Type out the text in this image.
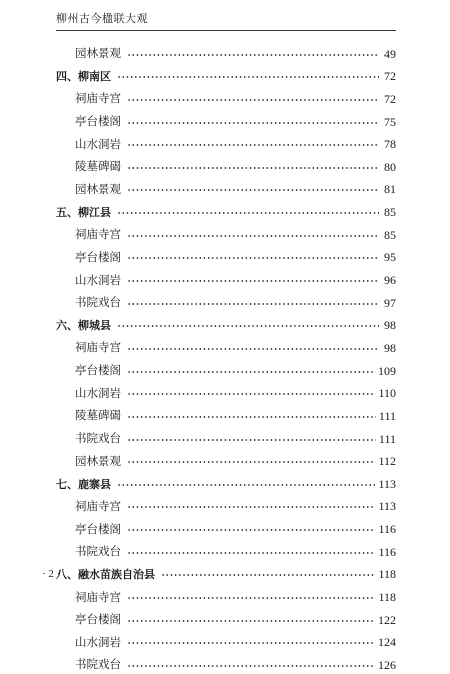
柳州古今楹联大观
园林景观	49
四、柳南区	72
祠庙寺宫	72
亭台楼阁	75
山水洞岩	78
陵墓碑碣	80
园林景观	81
五、柳江县	85
祠庙寺宫	85
亭台楼阁	95
山水洞岩	96
书院戏台	97
六、柳城县	98
祠庙寺宫	98
亭台楼阁	109
山水洞岩	110
陵墓碑碣	111
书院戏台	111
园林景观	112
七、鹿寨县	113
祠庙寺宫	113
亭台楼阁	116
书院戏台	116
八、融水苗族自治县	118
祠庙寺宫	118
亭台楼阁	122
山水洞岩	124
书院戏台	126
· 2 ·
